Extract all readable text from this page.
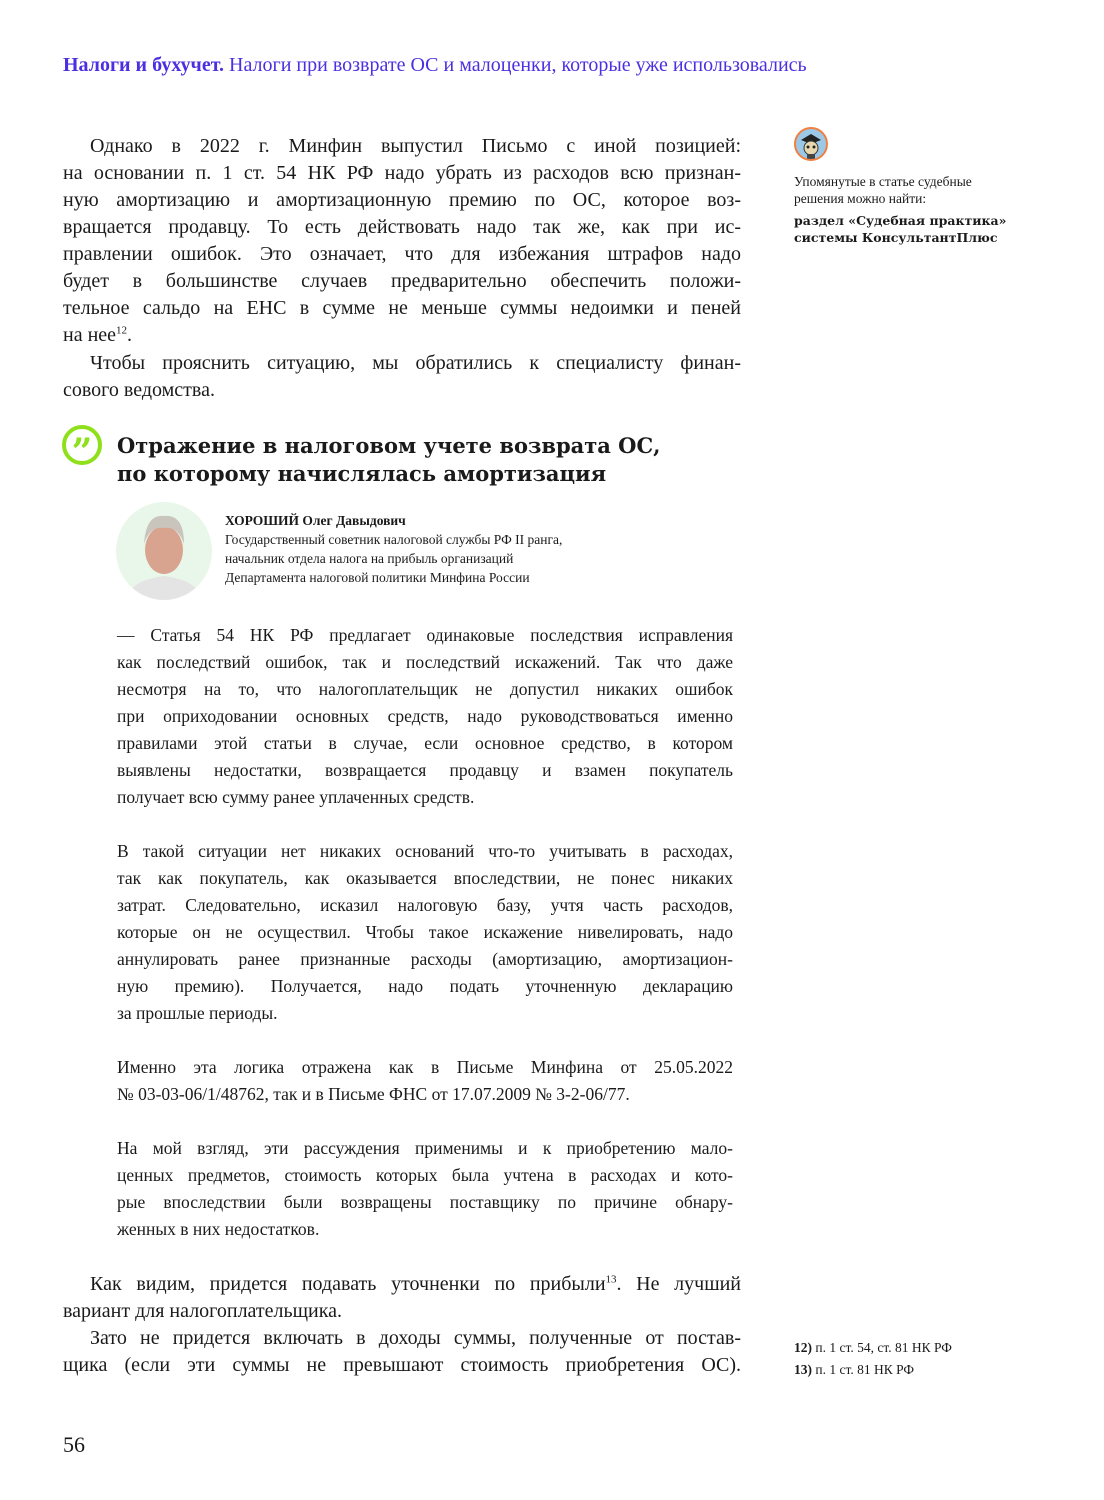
Налоги и бухучет. Налоги при возврате ОС и малоценки, которые уже использовались
Однако в 2022 г. Минфин выпустил Письмо с иной позицией:
на основании п. 1 ст. 54 НК РФ надо убрать из расходов всю признан-
ную амортизацию и амортизационную премию по ОС, которое воз-
вращается продавцу. То есть действовать надо так же, как при ис-
правлении ошибок. Это означает, что для избежания штрафов надо
будет в большинстве случаев предварительно обеспечить положи-
тельное сальдо на ЕНС в сумме не меньше суммы недоимки и пеней
на нее$^{12}$.
Чтобы прояснить ситуацию, мы обратились к специалисту финан-
сового ведомства.
Упомянутые в статье судебные решения можно найти:
раздел «Судебная практика» системы КонсультантПлюс
”	Отражение в налоговом учете возврата ОС,
по которому начислялась амортизация
ХОРОШИЙ Олег Давыдович
Государственный советник налоговой службы РФ II ранга,
начальник отдела налога на прибыль организаций
Департамента налоговой политики Минфина России
— Статья 54 НК РФ предлагает одинаковые последствия исправления
как последствий ошибок, так и последствий искажений. Так что даже
несмотря на то, что налогоплательщик не допустил никаких ошибок
при оприходовании основных средств, надо руководствоваться именно
правилами этой статьи в случае, если основное средство, в котором
выявлены недостатки, возвращается продавцу и взамен покупатель
получает всю сумму ранее уплаченных средств.
В такой ситуации нет никаких оснований что-то учитывать в расходах,
так как покупатель, как оказывается впоследствии, не понес никаких
затрат. Следовательно, исказил налоговую базу, учтя часть расходов,
которые он не осуществил. Чтобы такое искажение нивелировать, надо
аннулировать ранее признанные расходы (амортизацию, амортизацион-
ную премию). Получается, надо подать уточненную декларацию
за прошлые периоды.
Именно эта логика отражена как в Письме Минфина от 25.05.2022
№ 03-03-06/1/48762, так и в Письме ФНС от 17.07.2009 № 3-2-06/77.
На мой взгляд, эти рассуждения применимы и к приобретению мало-
ценных предметов, стоимость которых была учтена в расходах и кото-
рые впоследствии были возвращены поставщику по причине обнару-
женных в них недостатков.
Как видим, придется подавать уточненки по прибыли$^{13}$. Не лучший
вариант для налогоплательщика.
Зато не придется включать в доходы суммы, полученные от постав-
щика (если эти суммы не превышают стоимость приобретения ОС).
12) п. 1 ст. 54, ст. 81 НК РФ
13) п. 1 ст. 81 НК РФ
56
